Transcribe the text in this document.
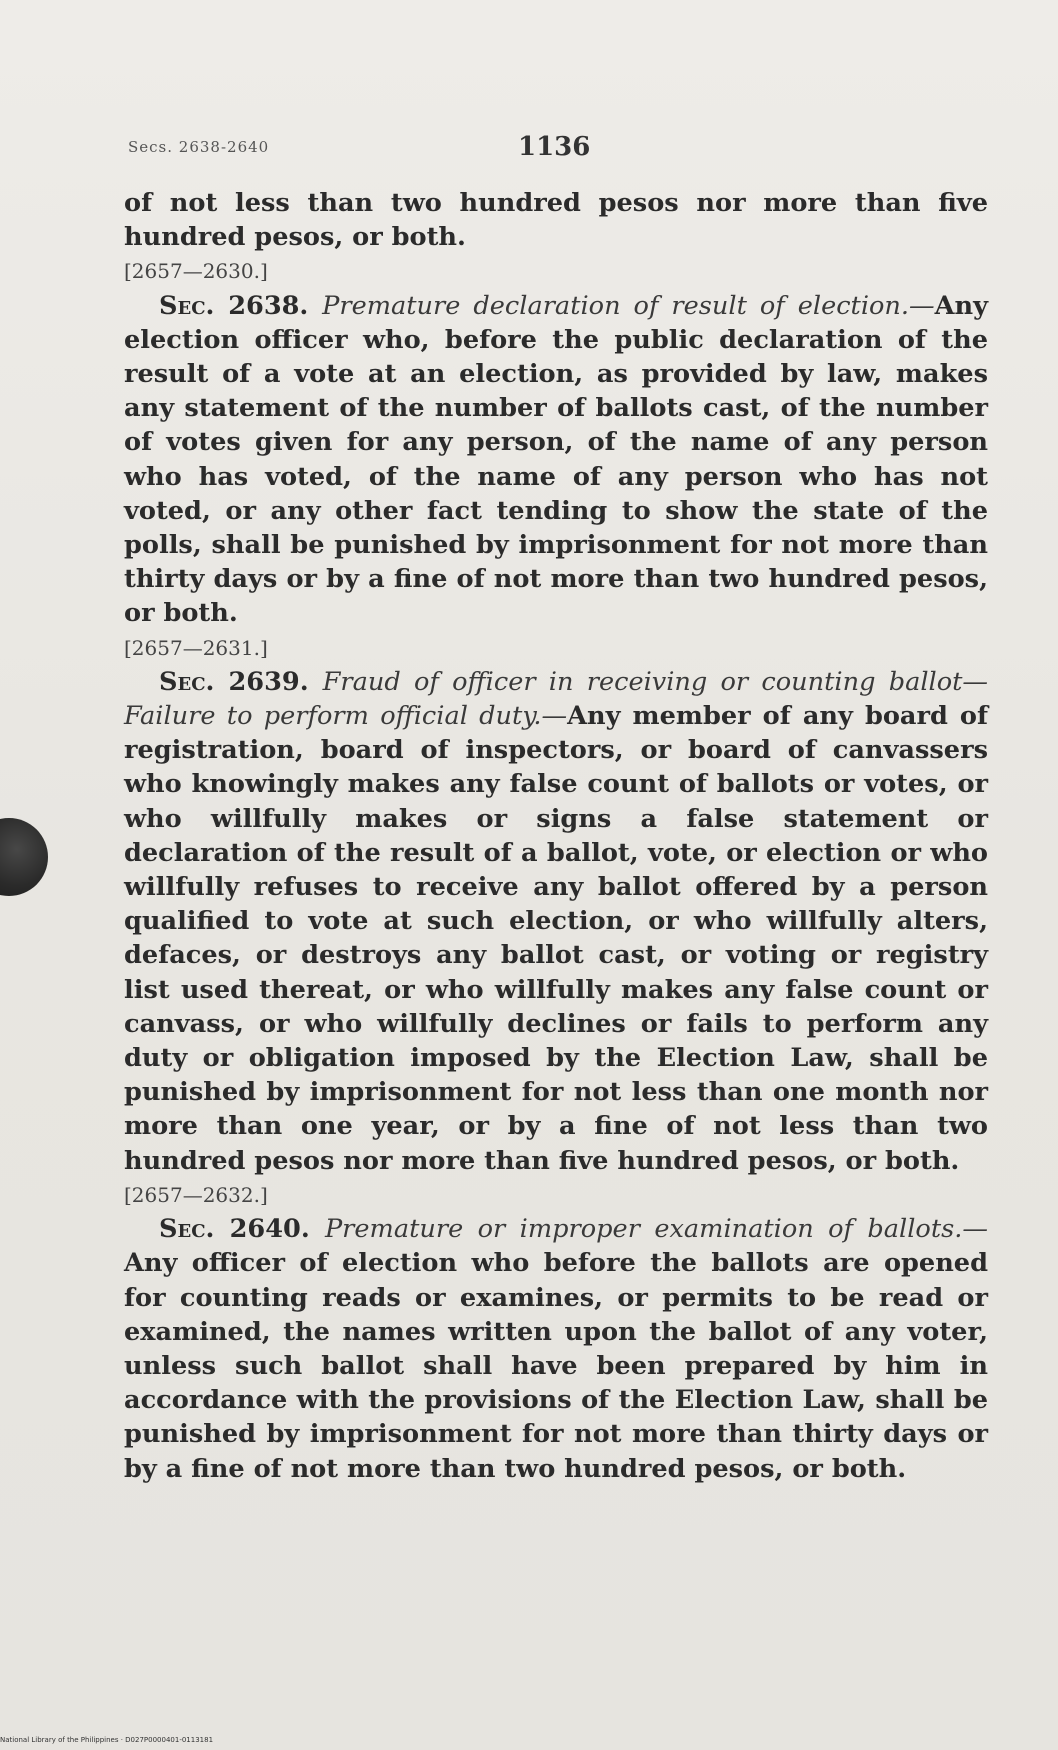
Secs. 2638-2640	1136

of not less than two hundred pesos nor more than five hundred pesos, or both.

[2657—2630.]

Sec. 2638. Premature declaration of result of election.—Any election officer who, before the public declaration of the result of a vote at an election, as provided by law, makes any statement of the number of ballots cast, of the number of votes given for any person, of the name of any person who has voted, of the name of any person who has not voted, or any other fact tending to show the state of the polls, shall be punished by imprisonment for not more than thirty days or by a fine of not more than two hundred pesos, or both.

[2657—2631.]

Sec. 2639. Fraud of officer in receiving or counting ballot—Failure to perform official duty.—Any member of any board of registration, board of inspectors, or board of canvassers who knowingly makes any false count of ballots or votes, or who willfully makes or signs a false statement or declaration of the result of a ballot, vote, or election or who willfully refuses to receive any ballot offered by a person qualified to vote at such election, or who willfully alters, defaces, or destroys any ballot cast, or voting or registry list used thereat, or who willfully makes any false count or canvass, or who willfully declines or fails to perform any duty or obligation imposed by the Election Law, shall be punished by imprisonment for not less than one month nor more than one year, or by a fine of not less than two hundred pesos nor more than five hundred pesos, or both.

[2657—2632.]

Sec. 2640. Premature or improper examination of ballots.—Any officer of election who before the ballots are opened for counting reads or examines, or permits to be read or examined, the names written upon the ballot of any voter, unless such ballot shall have been prepared by him in accordance with the provisions of the Election Law, shall be punished by imprisonment for not more than thirty days or by a fine of not more than two hundred pesos, or both.

National Library of the Philippines · D027P0000401-0113181
